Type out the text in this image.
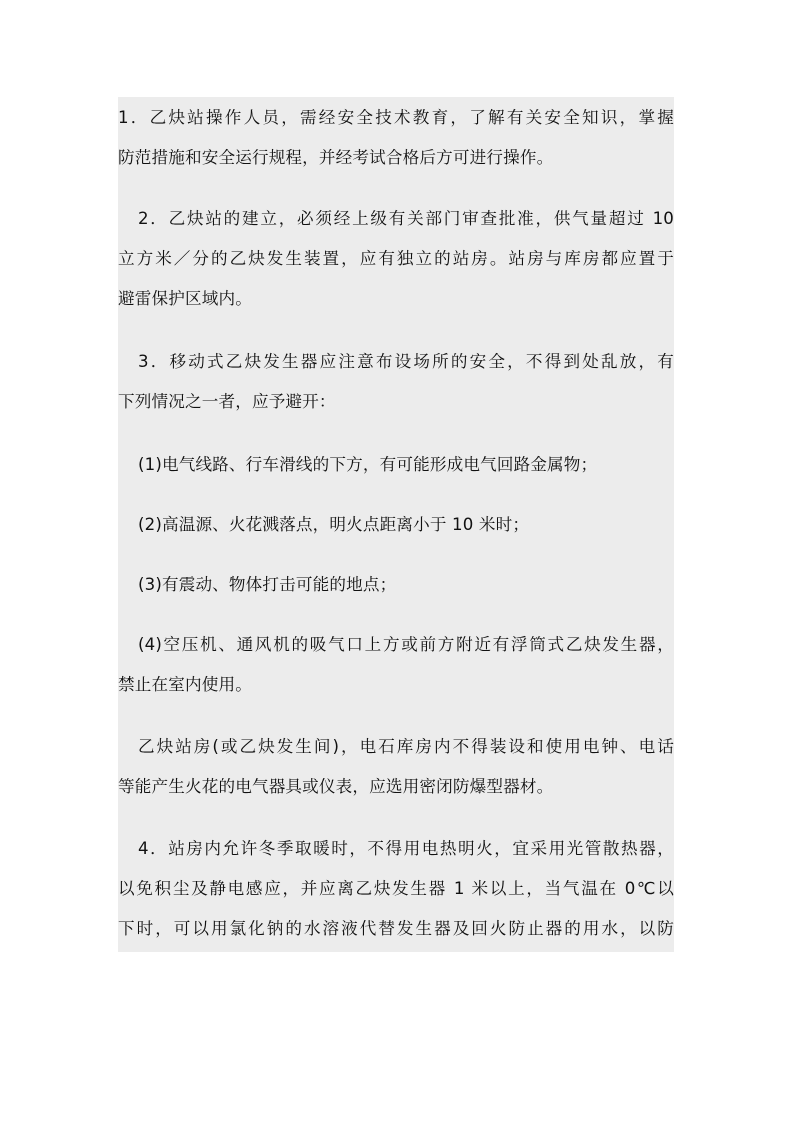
1．乙炔站操作人员，需经安全技术教育，了解有关安全知识，掌握
防范措施和安全运行规程，并经考试合格后方可进行操作。
2．乙炔站的建立，必须经上级有关部门审查批准，供气量超过 10
立方米／分的乙炔发生装置，应有独立的站房。站房与库房都应置于
避雷保护区域内。
3．移动式乙炔发生器应注意布设场所的安全，不得到处乱放，有
下列情况之一者，应予避开：
(1)电气线路、行车滑线的下方，有可能形成电气回路金属物；
(2)高温源、火花溅落点，明火点距离小于 10 米时；
(3)有震动、物体打击可能的地点；
(4)空压机、通风机的吸气口上方或前方附近有浮筒式乙炔发生器，
禁止在室内使用。
乙炔站房(或乙炔发生间)，电石库房内不得装设和使用电钟、电话
等能产生火花的电气器具或仪表，应选用密闭防爆型器材。
4．站房内允许冬季取暖时，不得用电热明火，宜采用光管散热器，
以免积尘及静电感应，并应离乙炔发生器 1 米以上，当气温在 0℃以
下时，可以用氯化钠的水溶液代替发生器及回火防止器的用水，以防
